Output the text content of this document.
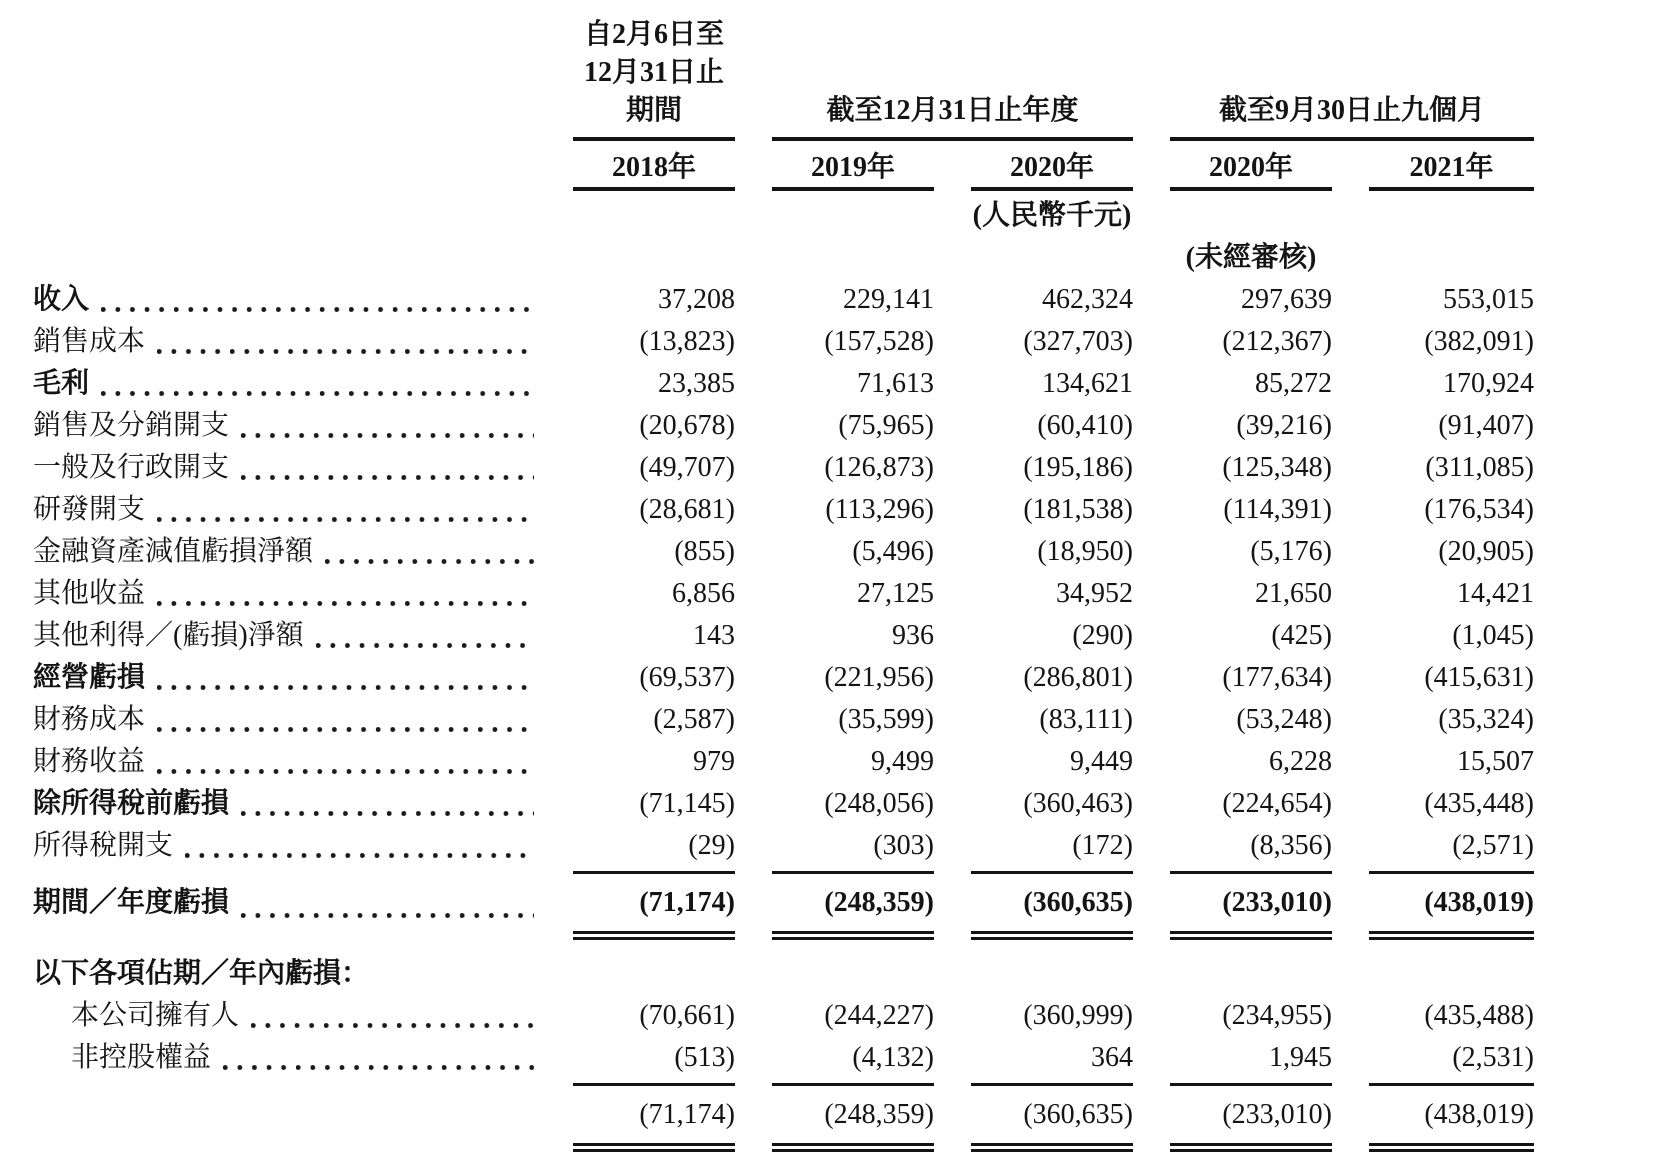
自2月6日至
12月31日止
期間	截至12月31日止年度	截至9月30日止九個月
2018年	2019年	2020年	2020年	2021年
(人民幣千元)
(未經審核)
收入	37,208	229,141	462,324	297,639	553,015
銷售成本	(13,823)	(157,528)	(327,703)	(212,367)	(382,091)
毛利	23,385	71,613	134,621	85,272	170,924
銷售及分銷開支	(20,678)	(75,965)	(60,410)	(39,216)	(91,407)
一般及行政開支	(49,707)	(126,873)	(195,186)	(125,348)	(311,085)
研發開支	(28,681)	(113,296)	(181,538)	(114,391)	(176,534)
金融資產減值虧損淨額	(855)	(5,496)	(18,950)	(5,176)	(20,905)
其他收益	6,856	27,125	34,952	21,650	14,421
其他利得／(虧損)淨額	143	936	(290)	(425)	(1,045)
經營虧損	(69,537)	(221,956)	(286,801)	(177,634)	(415,631)
財務成本	(2,587)	(35,599)	(83,111)	(53,248)	(35,324)
財務收益	979	9,499	9,449	6,228	15,507
除所得稅前虧損	(71,145)	(248,056)	(360,463)	(224,654)	(435,448)
所得稅開支	(29)	(303)	(172)	(8,356)	(2,571)
期間／年度虧損	(71,174)	(248,359)	(360,635)	(233,010)	(438,019)
以下各項佔期／年內虧損：
本公司擁有人	(70,661)	(244,227)	(360,999)	(234,955)	(435,488)
非控股權益	(513)	(4,132)	364	1,945	(2,531)
(71,174)	(248,359)	(360,635)	(233,010)	(438,019)
